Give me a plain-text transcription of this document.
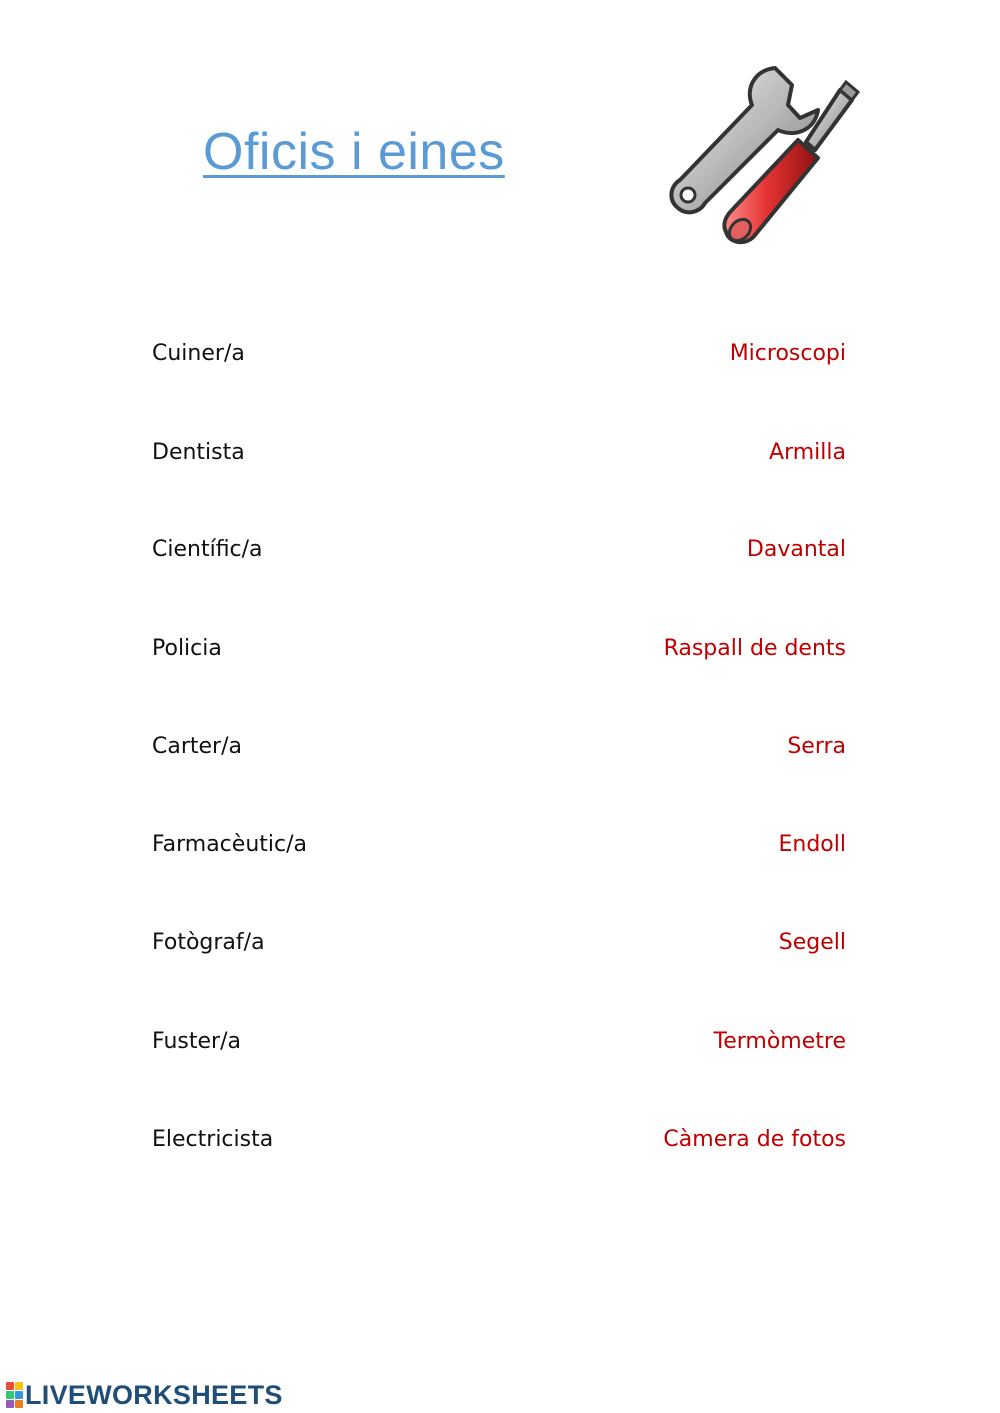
Oficis i eines
Cuiner/a	Microscopi
Dentista	Armilla
Científic/a	Davantal
Policia	Raspall de dents
Carter/a	Serra
Farmacèutic/a	Endoll
Fotògraf/a	Segell
Fuster/a	Termòmetre
Electricista	Càmera de fotos
LIVEWORKSHEETS
